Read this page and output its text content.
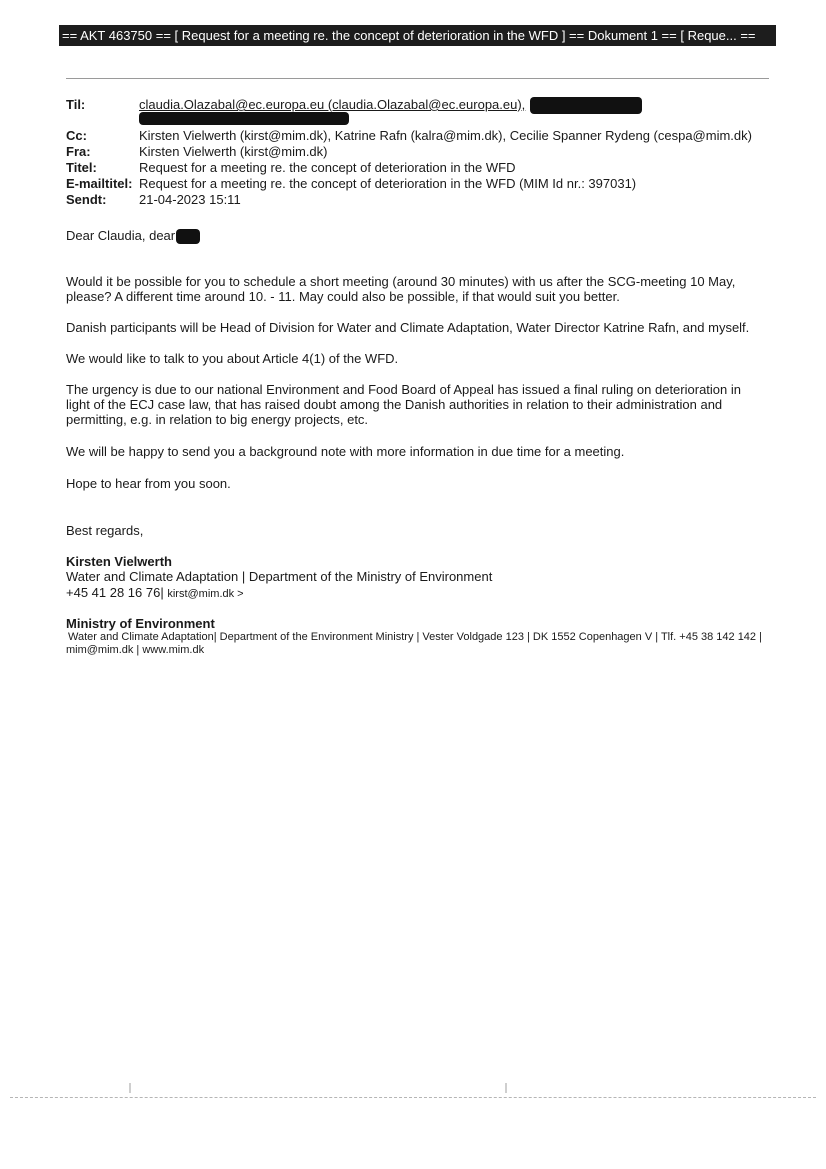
== AKT 463750 == [ Request for a meeting re. the concept of deterioration in the WFD ] == Dokument 1 == [ Reque... ==
Til:	claudia.Olazabal@ec.europa.eu (claudia.Olazabal@ec.europa.eu),
Cc:	Kirsten Vielwerth (kirst@mim.dk), Katrine Rafn (kalra@mim.dk), Cecilie Spanner Rydeng (cespa@mim.dk)
Fra:	Kirsten Vielwerth (kirst@mim.dk)
Titel:	Request for a meeting re. the concept of deterioration in the WFD
E-mailtitel: Request for a meeting re. the concept of deterioration in the WFD (MIM Id nr.: 397031)
Sendt:	21-04-2023 15:11
Dear Claudia, dear
Would it be possible for you to schedule a short meeting (around 30 minutes) with us after the SCG-meeting 10 May, please? A different time around 10. - 11. May could also be possible, if that would suit you better.
Danish participants will be Head of Division for Water and Climate Adaptation, Water Director Katrine Rafn, and myself.
We would like to talk to you about Article 4(1) of the WFD.
The urgency is due to our national Environment and Food Board of Appeal has issued a final ruling on deterioration in light of the ECJ case law, that has raised doubt among the Danish authorities in relation to their administration and permitting, e.g. in relation to big energy projects, etc.
We will be happy to send you a background note with more information in due time for a meeting.
Hope to hear from you soon.
Best regards,
Kirsten Vielwerth
Water and Climate Adaptation | Department of the Ministry of Environment
+45 41 28 16 76| kirst@mim.dk >
Ministry of Environment
Water and Climate Adaptation| Department of the Environment Ministry | Vester Voldgade 123 | DK 1552 Copenhagen V | Tlf. +45 38 142 142 |
mim@mim.dk | www.mim.dk
